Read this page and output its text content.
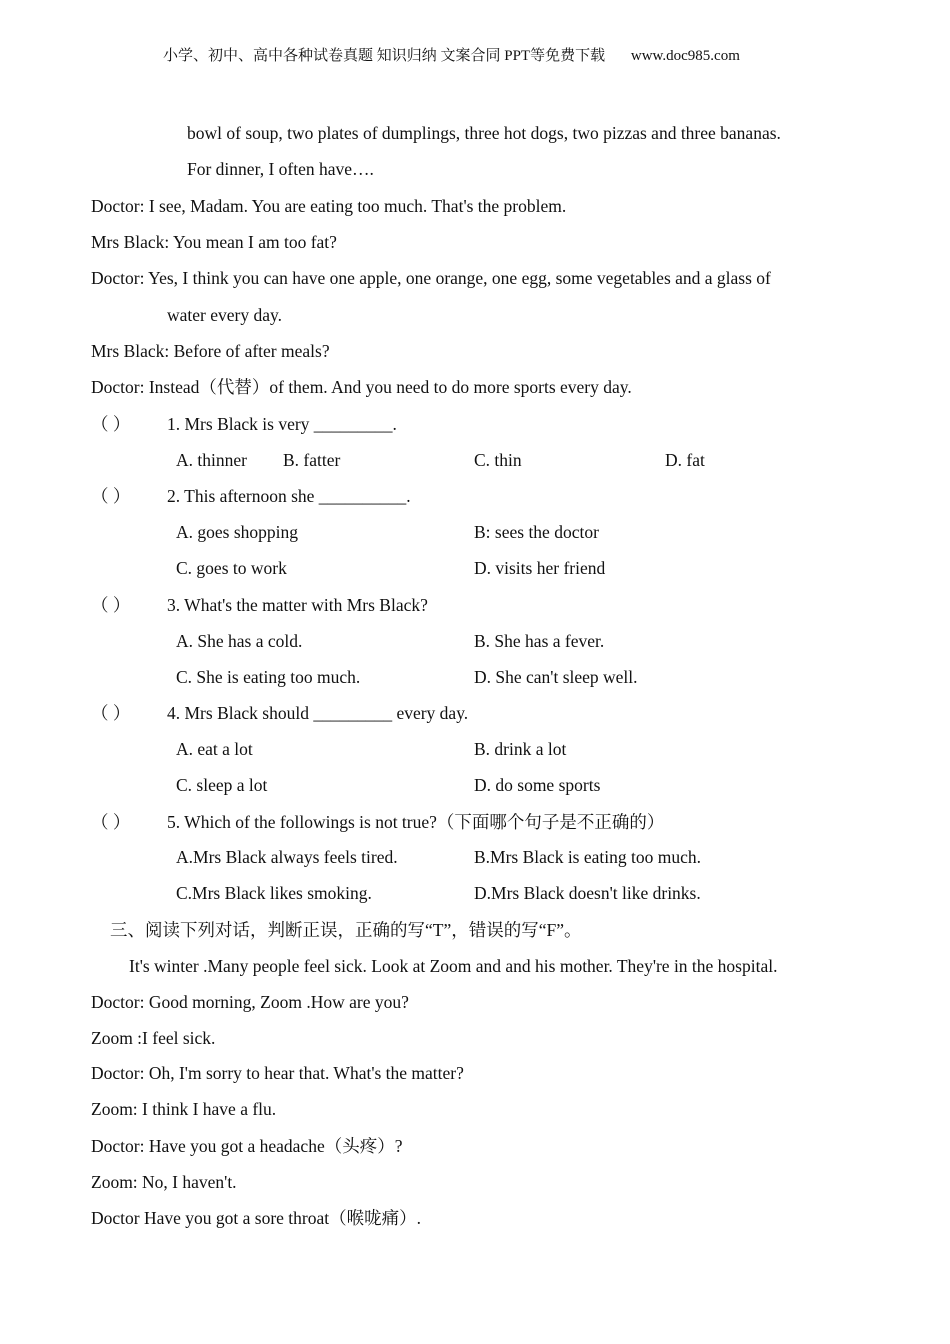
小学、初中、高中各种试卷真题 知识归纳 文案合同 PPT等免费下载 www.doc985.com
bowl of soup, two plates of dumplings, three hot dogs, two pizzas and three bananas.
For dinner, I often have….
Doctor: I see, Madam. You are eating too much. That's the problem.
Mrs Black: You mean I am too fat?
Doctor: Yes, I think you can have one apple, one orange, one egg, some vegetables and a glass of
water every day.
Mrs Black: Before of after meals?
Doctor: Instead（代替）of them. And you need to do more sports every day.
（ ） 1. Mrs Black is very _________.
A. thinner B. fatter	C. thin	D. fat
（ ） 2. This afternoon she __________.
A. goes shopping	B: sees the doctor
C. goes to work	D. visits her friend
（ ） 3. What's the matter with Mrs Black?
A. She has a cold.	B. She has a fever.
C. She is eating too much.	D. She can't sleep well.
（ ） 4. Mrs Black should _________ every day.
A. eat a lot	B. drink a lot
C. sleep a lot	D. do some sports
（ ） 5. Which of the followings is not true?（下面哪个句子是不正确的）
A.Mrs Black always feels tired.	B.Mrs Black is eating too much.
C.Mrs Black likes smoking.	D.Mrs Black doesn't like drinks.
三、阅读下列对话，判断正误，正确的写“T”，错误的写“F”。
It's winter .Many people feel sick. Look at Zoom and and his mother. They're in the hospital.
Doctor: Good morning, Zoom .How are you?
Zoom :I feel sick.
Doctor: Oh, I'm sorry to hear that. What's the matter?
Zoom: I think I have a flu.
Doctor: Have you got a headache（头疼）?
Zoom: No, I haven't.
Doctor Have you got a sore throat（喉咙痛）.
